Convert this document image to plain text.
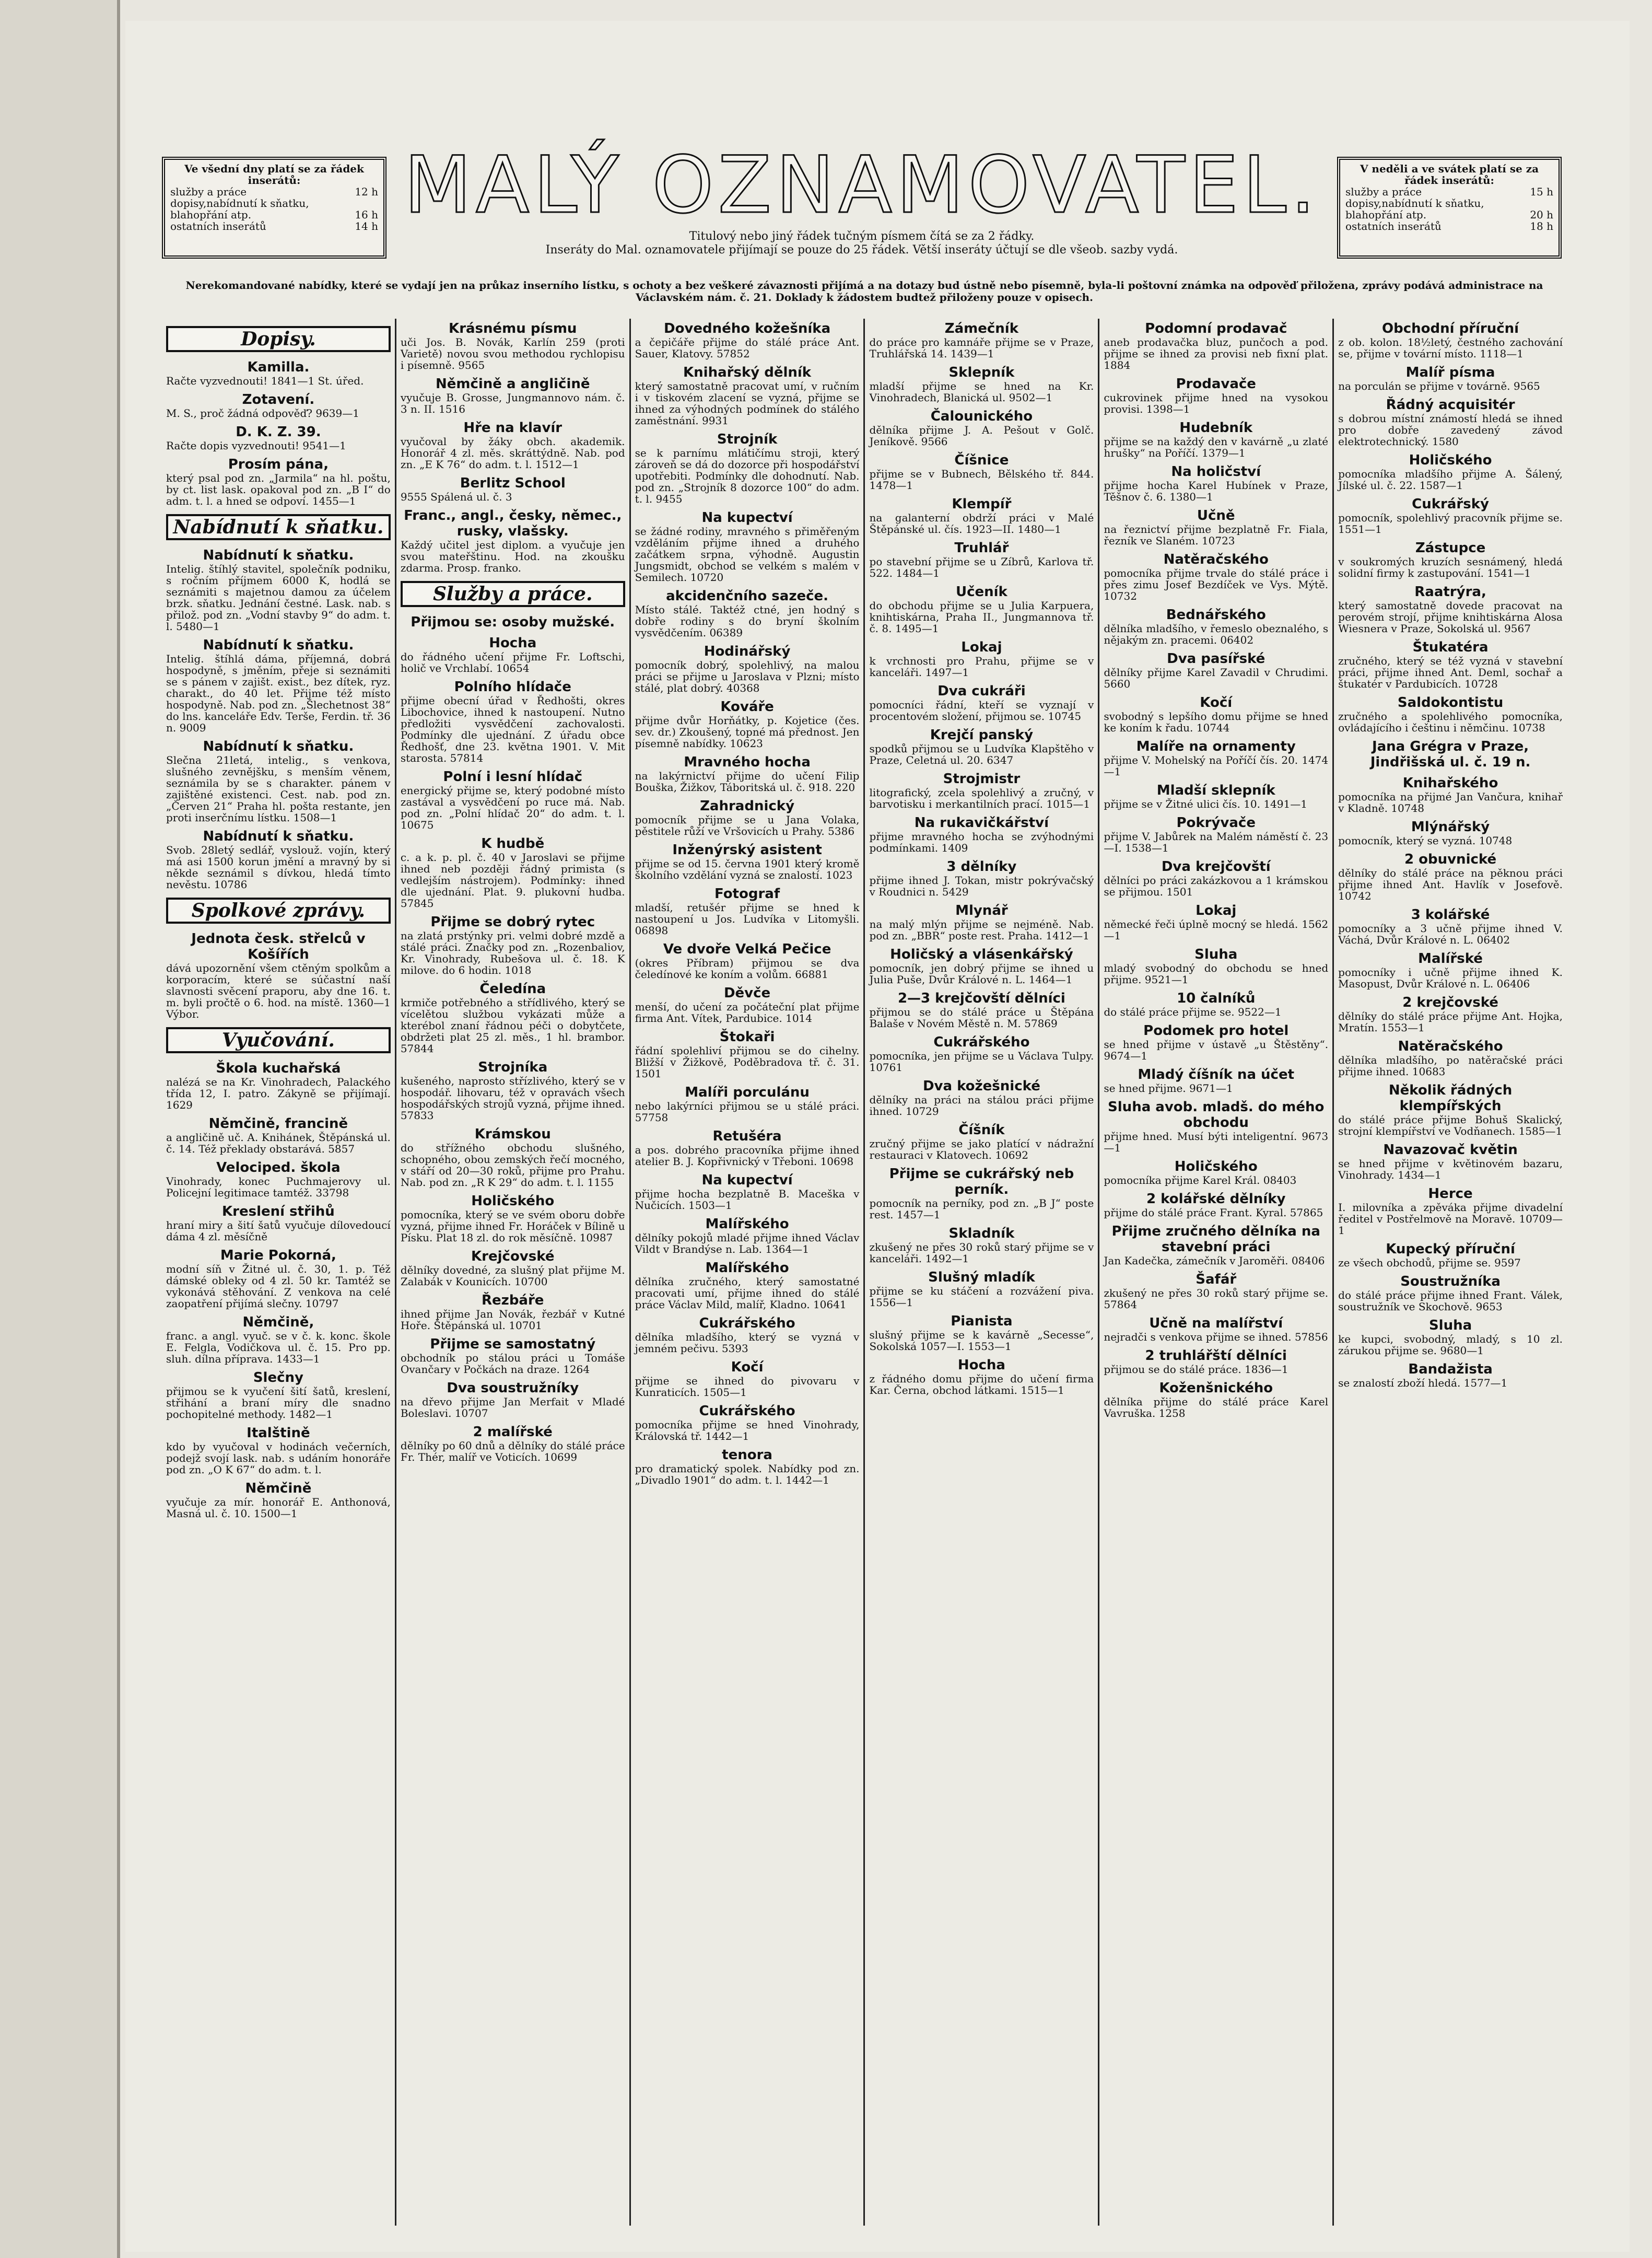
Ve všední dny platí se za řádek inserátů:
služby a práce	12 h
dopisy,nabídnutí k sňatku,
blahopřání atp.	16 h
ostatních inserátů	14 h MALÝ OZNAMOVATEL.
Titulový nebo jiný řádek tučným písmem čítá se za 2 řádky.
Inseráty do Mal. oznamovatele přijímají se pouze do 25 řádek. Větší inseráty účtují se dle všeob. sazby vydá.
V neděli a ve svátek platí se za řádek inserátů:
služby a práce	15 h
dopisy,nabídnutí k sňatku,
blahopřání atp.	20 h
ostatních inserátů	18 h
Nerekomandované nabídky, které se vydají jen na průkaz inserního lístku, s ochoty a bez veškeré závaznosti přijímá a na dotazy bud ústně nebo písemně, byla-li poštovní známka na odpověď přiložena, zprávy podává administrace na Václavském nám. č. 21. Doklady k žádostem budtež přiloženy pouze v opisech.
Dopisy.
Kamilla.
Račte vyzvednouti! 1841—1 St. úřed.
Zotavení.
M. S., proč žádná odpověď? 9639—1
D. K. Z. 39.
Račte dopis vyzvednouti! 9541—1
Prosím pána,
který psal pod zn. „Jarmila“ na hl. poštu, by ct. list lask. opakoval pod zn. „B I“ do adm. t. l. a hned se odpoví. 1455—1
Nabídnutí k sňatku.
Nabídnutí k sňatku.
Intelig. štíhlý stavitel, společník podniku, s ročním příjmem 6000 K, hodlá se seznámiti s majetnou damou za účelem brzk. sňatku. Jednání čestné. Lask. nab. s přilož. pod zn. „Vodní stavby 9“ do adm. t. l. 5480—1
Nabídnutí k sňatku.
Intelig. štíhlá dáma, příjemná, dobrá hospodyně, s jměním, přeje si seznámiti se s pánem v zajišt. exist., bez dítek, ryz. charakt., do 40 let. Přijme též místo hospodyně. Nab. pod zn. „Šlechetnost 38“ do lns. kanceláře Edv. Terše, Ferdin. tř. 36 n. 9009
Nabídnutí k sňatku.
Slečna 21letá, intelig., s venkova, slušného zevnějšku, s menším věnem, seznámila by se s charakter. pánem v zajištěné existenci. Cest. nab. pod zn. „Červen 21“ Praha hl. pošta restante, jen proti inserčnímu lístku. 1508—1
Nabídnutí k sňatku.
Svob. 28letý sedlář, vyslouž. vojín, který má asi 1500 korun jmění a mravný by si někde seznámil s dívkou, hledá tímto nevěstu. 10786
Spolkové zprávy.
Jednota česk. střelců v Košířích
dává upozornění všem ctěným spolkům a korporacím, které se súčastní naší slavnosti svěcení praporu, aby dne 16. t. m. byli pročtě o 6. hod. na místě. 1360—1 Výbor.
Vyučování.
Škola kuchařská
nalézá se na Kr. Vinohradech, Palackého třída 12, I. patro. Zákyně se přijímají. 1629
Němčině, francině
a angličině uč. A. Knihánek, Štěpánská ul. č. 14. Též překlady obstarává. 5857
Velociped. škola
Vinohrady, konec Puchmajerovy ul. Policejní legitimace tamtéž. 33798
Kreslení střihů
hraní miry a šití šatů vyučuje dílovedoucí dáma 4 zl. měsíčně
Marie Pokorná,
modní síň v Žitné ul. č. 30, 1. p. Též dámské obleky od 4 zl. 50 kr. Tamtéž se vykonává stěhování. Z venkova na celé zaopatření přijímá slečny. 10797
Němčině,
franc. a angl. vyuč. se v č. k. konc. škole E. Felgla, Vodičkova ul. č. 15. Pro pp. sluh. dílna příprava. 1433—1
Slečny
přijmou se k vyučení šití šatů, kreslení, střihání a braní míry dle snadno pochopitelné methody. 1482—1
Italštině
kdo by vyučoval v hodinách večerních, podejž svojí lask. nab. s udáním honoráře pod zn. „O K 67“ do adm. t. l.
Němčině
vyučuje za mír. honorář E. Anthonová, Masná ul. č. 10. 1500—1
Krásnému písmu
uči Jos. B. Novák, Karlín 259 (proti Varietě) novou svou methodou rychlopisu i písemně. 9565
Němčině a angličině
vyučuje B. Grosse, Jungmannovo nám. č. 3 n. II. 1516
Hře na klavír
vyučoval by žáky obch. akademik. Honorář 4 zl. měs. skráttýdně. Nab. pod zn. „E K 76“ do adm. t. l. 1512—1
Berlitz School
9555 Spálená ul. č. 3
Franc., angl., česky, němec., rusky, vlašsky.
Každý učitel jest diplom. a vyučuje jen svou mateřštinu. Hod. na zkoušku zdarma. Prosp. franko.
Služby a práce.
Přijmou se: osoby mužské.
Hocha
do řádného učení přijme Fr. Loftschi, holič ve Vrchlabí. 10654
Polního hlídače
přijme obecní úřad v Ředhošti, okres Libochovice, ihned k nastoupení. Nutno předložiti vysvědčení zachovalosti. Podmínky dle ujednání. Z úřadu obce Ředhošť, dne 23. května 1901. V. Mit starosta. 57814
Polní i lesní hlídač
energický přijme se, který podobné místo zastával a vysvědčení po ruce má. Nab. pod zn. „Polní hlídač 20“ do adm. t. l. 10675
K hudbě
c. a k. p. pl. č. 40 v Jaroslavi se přijme ihned neb později řádný primista (s vedlejším nástrojem). Podmínky: ihned dle ujednání. Plat. 9. plukovní hudba. 57845
Přijme se dobrý rytec
na zlatá prstýnky pri. velmi dobré mzdě a stálé práci. Značky pod zn. „Rozenbaliov, Kr. Vinohrady, Rubešova ul. č. 18. K milove. do 6 hodin. 1018
Čeledína
krmiče potřebného a střídlivého, který se vícelětou službou vykázati může a kterébol znaní řádnou péči o dobytčete, obdržeti plat 25 zl. měs., 1 hl. brambor. 57844
Strojníka
kušeného, naprosto střízlivého, který se v hospodář. lihovaru, též v opravách všech hospodářských strojů vyzná, přijme ihned. 57833
Krámskou
do střížného obchodu slušného, schopného, obou zemských řečí mocného, v stáří od 20—30 roků, přijme pro Prahu. Nab. pod zn. „R K 29“ do adm. t. l. 1155
Holičského
pomocníka, který se ve svém oboru dobře vyzná, přijme ihned Fr. Horáček v Bílině u Písku. Plat 18 zl. do rok měsíčně. 10987
Krejčovské
dělníky dovedné, za slušný plat přijme M. Zalabák v Kounicích. 10700
Řezbáře
ihned přijme Jan Novák, řezbář v Kutné Hoře. Štěpánská ul. 10701
Přijme se samostatný
obchodník po stálou práci u Tomáše Ovančary v Počkách na draze. 1264
Dva soustružníky
na dřevo přijme Jan Merfait v Mladé Boleslavi. 10707
2 malířské
dělníky po 60 dnů a dělníky do stálé práce Fr. Thér, malíř ve Voticích. 10699
Dovedného kožešníka
a čepičáře přijme do stálé práce Ant. Sauer, Klatovy. 57852
Knihařský dělník
který samostatně pracovat umí, v ručním i v tiskovém zlacení se vyzná, přijme se ihned za výhodných podmínek do stálého zaměstnání. 9931
Strojník
se k parnímu mlátičímu stroji, který zároveň se dá do dozorce při hospodářství upotřebiti. Podmínky dle dohodnutí. Nab. pod zn. „Strojník 8 dozorce 100“ do adm. t. l. 9455
Na kupectví
se žádné rodiny, mravného s přiměřeným vzděláním přijme ihned a druhého začátkem srpna, výhodně. Augustin Jungsmidt, obchod se velkém s malém v Semilech. 10720
akcidenčního sazeče.
Místo stálé. Taktéž ctné, jen hodný s dobře rodiny s do bryní školním vysvědčením. 06389
Hodinářský
pomocník dobrý, spolehlivý, na malou práci se přijme u Jaroslava v Plzni; místo stálé, plat dobrý. 40368
Kováře
přijme dvůr Horňátky, p. Kojetice (čes. sev. dr.) Zkoušený, topné má přednost. Jen písemně nabídky. 10623
Mravného hocha
na lakýrnictví přijme do učení Filip Bouška, Žižkov, Táboritská ul. č. 918. 220
Zahradnický
pomocník přijme se u Jana Volaka, pěstitele růží ve Vršovicích u Prahy. 5386
Inženýrský asistent
přijme se od 15. června 1901 který kromě školního vzdělání vyzná se znalostí. 1023
Fotograf
mladší, retušér přijme se hned k nastoupení u Jos. Ludvíka v Litomyšli. 06898
Ve dvoře Velká Pečice
(okres Příbram) přijmou se dva čeledínové ke koním a volům. 66881
Děvče
menší, do učení za počáteční plat přijme firma Ant. Vítek, Pardubice. 1014
Štokaři
řádní spolehliví přijmou se do cihelny. Bližší v Žižkově, Poděbradova tř. č. 31. 1501
Malíři porculánu
nebo lakýrníci přijmou se u stálé práci. 57758
Retušéra
a pos. dobrého pracovníka přijme ihned atelier B. J. Kopřivnický v Třeboni. 10698
Na kupectví
přijme hocha bezplatně B. Maceška v Nučicích. 1503—1
Malířského
dělníky pokojů mladé přijme ihned Václav Vildt v Brandýse n. Lab. 1364—1
Malířského
dělníka zručného, který samostatné pracovati umí, přijme ihned do stálé práce Václav Mild, malíř, Kladno. 10641
Cukrářského
dělníka mladšího, který se vyzná v jemném pečivu. 5393
Kočí
přijme se ihned do pivovaru v Kunraticích. 1505—1
Cukrářského
pomocníka přijme se hned Vinohrady, Královská tř. 1442—1
tenora
pro dramatický spolek. Nabídky pod zn. „Divadlo 1901“ do adm. t. l. 1442—1
Zámečník
do práce pro kamnáře přijme se v Praze, Truhlářská 14. 1439—1
Sklepník
mladší přijme se hned na Kr. Vinohradech, Blanická ul. 9502—1
Čalounického
dělníka přijme J. A. Pešout v Golč. Jeníkově. 9566
Číšnice
přijme se v Bubnech, Bělského tř. 844. 1478—1
Klempíř
na galanterní obdrží práci v Malé Štěpánské ul. čís. 1923—II. 1480—1
Truhlář
po stavební přijme se u Zíbrů, Karlova tř. 522. 1484—1
Učeník
do obchodu přijme se u Julia Karpuera, knihtiskárna, Praha II., Jungmannova tř. č. 8. 1495—1
Lokaj
k vrchnosti pro Prahu, přijme se v kanceláři. 1497—1
Dva cukráři
pomocníci řádní, kteří se vyznají v procentovém složení, přijmou se. 10745
Krejčí panský
spodků přijmou se u Ludvíka Klapštěho v Praze, Celetná ul. 20. 6347
Strojmistr
litografický, zcela spolehlivý a zručný, v barvotisku i merkantilních prací. 1015—1
Na rukavičkářství
přijme mravného hocha se zvýhodnými podmínkami. 1409
3 dělníky
přijme ihned J. Tokan, mistr pokrývačský v Roudnici n. 5429
Mlynář
na malý mlýn přijme se nejméně. Nab. pod zn. „BBR“ poste rest. Praha. 1412—1
Holičský a vlásenkářský
pomocník, jen dobrý přijme se ihned u Julia Puše, Dvůr Králové n. L. 1464—1
2—3 krejčovští dělníci
přijmou se do stálé práce u Štěpána Balaše v Novém Městě n. M. 57869
Cukrářského
pomocníka, jen přijme se u Václava Tulpy. 10761
Dva kožešnické
dělníky na práci na stálou práci přijme ihned. 10729
Číšník
zručný přijme se jako platící v nádražní restauraci v Klatovech. 10692
Přijme se cukrářský neb perník.
pomocník na perníky, pod zn. „B J“ poste rest. 1457—1
Skladník
zkušený ne přes 30 roků starý přijme se v kanceláři. 1492—1
Slušný mladík
přijme se ku stáčení a rozvážení piva. 1556—1
Pianista
slušný přijme se k kavárně „Secesse“, Sokolská 1057—I. 1553—1
Hocha
z řádného domu přijme do učení firma Kar. Černa, obchod látkami. 1515—1
Podomní prodavač
aneb prodavačka bluz, punčoch a pod. přijme se ihned za provisi neb fixní plat. 1884
Prodavače
cukrovinek přijme hned na vysokou provisi. 1398—1
Hudebník
přijme se na každý den v kavárně „u zlaté hrušky“ na Poříčí. 1379—1
Na holičství
přijme hocha Karel Hubínek v Praze, Těšnov č. 6. 1380—1
Učně
na řeznictví přijme bezplatně Fr. Fiala, řezník ve Slaném. 10723
Natěračského
pomocníka přijme trvale do stálé práce i přes zimu Josef Bezdíček ve Vys. Mýtě. 10732
Bednářského
dělníka mladšího, v řemeslo obeznalého, s nějakým zn. pracemi. 06402
Dva pasířské
dělníky přijme Karel Zavadil v Chrudimi. 5660
Kočí
svobodný s lepšího domu přijme se hned ke koním k řadu. 10744
Malíře na ornamenty
přijme V. Mohelský na Poříčí čís. 20. 1474—1
Mladší sklepník
přijme se v Žitné ulici čís. 10. 1491—1
Pokrývače
přijme V. Jabůrek na Malém náměstí č. 23—I. 1538—1
Dva krejčovští
dělníci po práci zakázkovou a 1 krámskou se přijmou. 1501
Lokaj
německé řeči úplně mocný se hledá. 1562—1
Sluha
mladý svobodný do obchodu se hned přijme. 9521—1
10 čalníků
do stálé práce přijme se. 9522—1
Podomek pro hotel
se hned přijme v ústavě „u Štěstěny“. 9674—1
Mladý číšník na účet
se hned přijme. 9671—1
Sluha avob. mladš. do mého obchodu
přijme hned. Musí býti inteligentní. 9673—1
Holičského
pomocníka přijme Karel Král. 08403
2 kolářské dělníky
přijme do stálé práce Frant. Kyral. 57865
Přijme zručného dělníka na stavební práci
Jan Kadečka, zámečník v Jaroměři. 08406
Šafář
zkušený ne přes 30 roků starý přijme se. 57864
Učně na malířství
nejradči s venkova přijme se ihned. 57856
2 truhlářští dělníci
přijmou se do stálé práce. 1836—1
Koženšnického
dělníka přijme do stálé práce Karel Vavruška. 1258
Obchodní příruční
z ob. kolon. 18½letý, čestného zachování se, přijme v tovární místo. 1118—1
Malíř písma
na porculán se přijme v továrně. 9565
Řádný acquisitér
s dobrou místní známostí hledá se ihned pro dobře zavedený závod elektrotechnický. 1580
Holičského
pomocníka mladšího přijme A. Šálený, Jílské ul. č. 22. 1587—1
Cukrářský
pomocník, spolehlivý pracovník přijme se. 1551—1
Zástupce
v soukromých kruzích sesnámený, hledá solidní firmy k zastupování. 1541—1
Raatrýra,
který samostatně dovede pracovat na perovém strojí, přijme knihtiskárna Alosa Wiesnera v Praze, Sokolská ul. 9567
Štukatéra
zručného, který se též vyzná v stavební práci, přijme ihned Ant. Deml, sochař a štukatér v Pardubicích. 10728
Saldokontistu
zručného a spolehlivého pomocníka, ovládajícího i češtinu i němčinu. 10738
Jana Grégra v Praze, Jindřišská ul. č. 19 n.
Knihařského
pomocníka na přijmé Jan Vančura, knihař v Kladně. 10748
Mlýnářský
pomocník, který se vyzná. 10748
2 obuvnické
dělníky do stálé práce na pěknou práci přijme ihned Ant. Havlík v Josefově. 10742
3 kolářské
pomocníky a 3 učně přijme ihned V. Váchá, Dvůr Králové n. L. 06402
Malířské
pomocníky i učně přijme ihned K. Masopust, Dvůr Králové n. L. 06406
2 krejčovské
dělníky do stálé práce přijme Ant. Hojka, Mratín. 1553—1
Natěračského
dělníka mladšího, po natěračské práci přijme ihned. 10683
Několik řádných klempířských
do stálé práce přijme Bohuš Skalický, strojní klempířství ve Vodňanech. 1585—1
Navazovač květin
se hned přijme v květinovém bazaru, Vinohrady. 1434—1
Herce
I. milovníka a zpěváka přijme divadelní ředitel v Postřelmově na Moravě. 10709—1
Kupecký příruční
ze všech obchodů, přijme se. 9597
Soustružníka
do stálé práce přijme ihned Frant. Válek, soustružník ve Skochově. 9653
Sluha
ke kupci, svobodný, mladý, s 10 zl. zárukou přijme se. 9680—1
Bandažista
se znalostí zboží hledá. 1577—1
